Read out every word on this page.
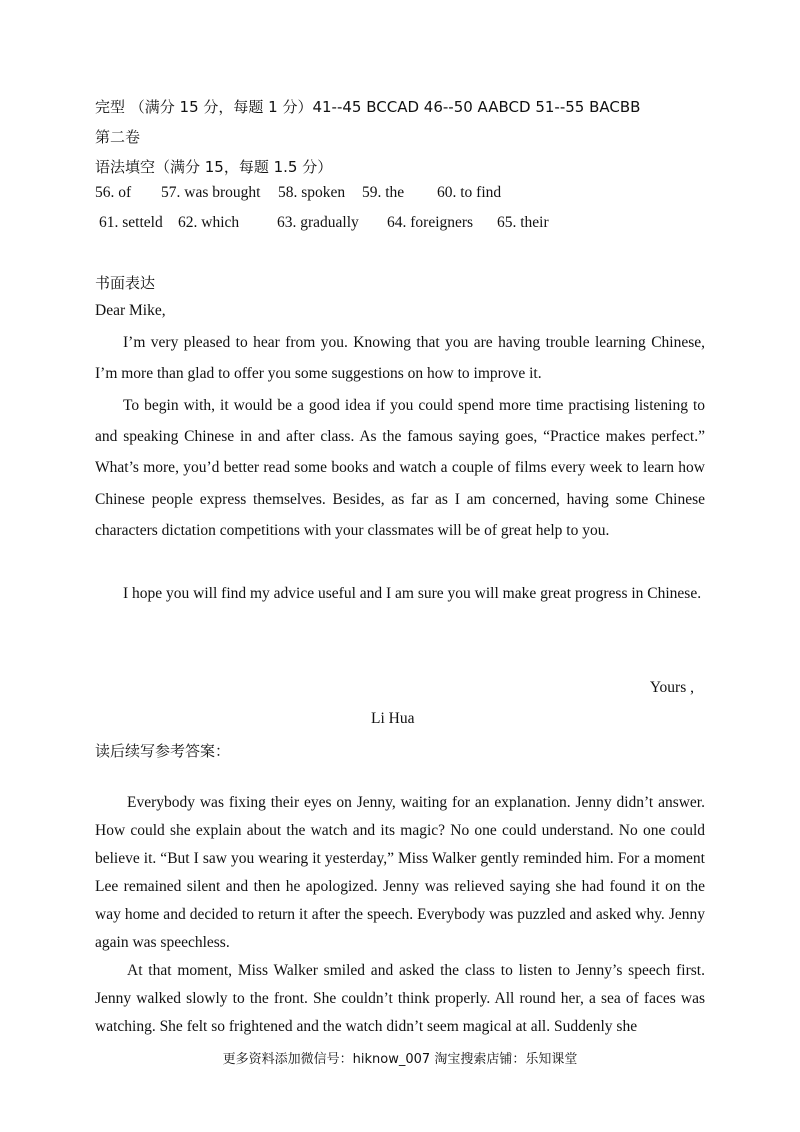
完型 （满分 15 分，每题 1 分）41--45 BCCAD 46--50 AABCD 51--55 BACBB
第二卷
语法填空（满分 15，每题 1.5 分）
56. of 57. was brought 58. spoken 59. the 60. to find
61. setteld 62. which 63. gradually 64. foreigners 65. their
书面表达
Dear Mike,

I’m very pleased to hear from you. Knowing that you are having trouble learning Chinese, I’m more than glad to offer you some suggestions on how to improve it.

To begin with, it would be a good idea if you could spend more time practising listening to and speaking Chinese in and after class. As the famous saying goes, “Practice makes perfect.” What’s more, you’d better read some books and watch a couple of films every week to learn how Chinese people express themselves. Besides, as far as I am concerned, having some Chinese characters dictation competitions with your classmates will be of great help to you.

I hope you will find my advice useful and I am sure you will make great progress in Chinese.

Yours ,
Li Hua
读后续写参考答案：

Everybody was fixing their eyes on Jenny, waiting for an explanation. Jenny didn’t answer. How could she explain about the watch and its magic? No one could understand. No one could believe it. “But I saw you wearing it yesterday,” Miss Walker gently reminded him. For a moment Lee remained silent and then he apologized. Jenny was relieved saying she had found it on the way home and decided to return it after the speech. Everybody was puzzled and asked why. Jenny again was speechless.

At that moment, Miss Walker smiled and asked the class to listen to Jenny’s speech first. Jenny walked slowly to the front. She couldn’t think properly. All round her, a sea of faces was watching. She felt so frightened and the watch didn’t seem magical at all. Suddenly she

更多资料添加微信号：hiknow_007 淘宝搜索店铺：乐知课堂
